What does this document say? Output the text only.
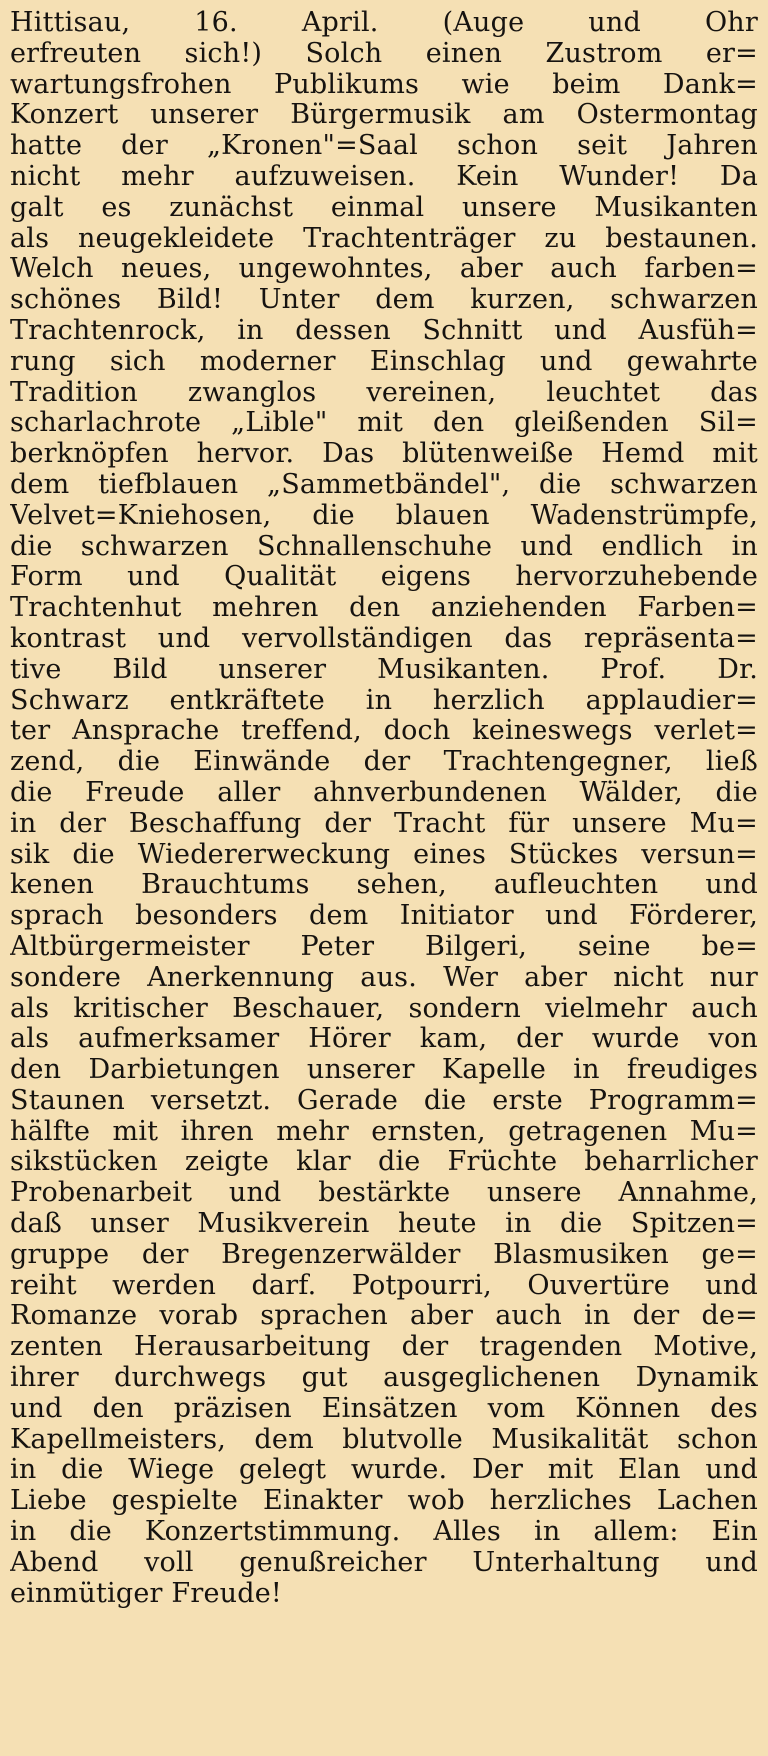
Hittisau, 16. April. (Auge und Ohr
erfreuten sich!) Solch einen Zustrom er=
wartungsfrohen Publikums wie beim Dank=
Konzert unserer Bürgermusik am Ostermontag
hatte der „Kronen"=Saal schon seit Jahren
nicht mehr aufzuweisen. Kein Wunder! Da
galt es zunächst einmal unsere Musikanten
als neugekleidete Trachtenträger zu bestaunen.
Welch neues, ungewohntes, aber auch farben=
schönes Bild! Unter dem kurzen, schwarzen
Trachtenrock, in dessen Schnitt und Ausfüh=
rung sich moderner Einschlag und gewahrte
Tradition zwanglos vereinen, leuchtet das
scharlachrote „Lible" mit den gleißenden Sil=
berknöpfen hervor. Das blütenweiße Hemd mit
dem tiefblauen „Sammetbändel", die schwarzen
Velvet=Kniehosen, die blauen Wadenstrümpfe,
die schwarzen Schnallenschuhe und endlich in
Form und Qualität eigens hervorzuhebende
Trachtenhut mehren den anziehenden Farben=
kontrast und vervollständigen das repräsenta=
tive Bild unserer Musikanten. Prof. Dr.
Schwarz entkräftete in herzlich applaudier=
ter Ansprache treffend, doch keineswegs verlet=
zend, die Einwände der Trachtengegner, ließ
die Freude aller ahnverbundenen Wälder, die
in der Beschaffung der Tracht für unsere Mu=
sik die Wiedererweckung eines Stückes versun=
kenen Brauchtums sehen, aufleuchten und
sprach besonders dem Initiator und Förderer,
Altbürgermeister Peter Bilgeri, seine be=
sondere Anerkennung aus. Wer aber nicht nur
als kritischer Beschauer, sondern vielmehr auch
als aufmerksamer Hörer kam, der wurde von
den Darbietungen unserer Kapelle in freudiges
Staunen versetzt. Gerade die erste Programm=
hälfte mit ihren mehr ernsten, getragenen Mu=
sikstücken zeigte klar die Früchte beharrlicher
Probenarbeit und bestärkte unsere Annahme,
daß unser Musikverein heute in die Spitzen=
gruppe der Bregenzerwälder Blasmusiken ge=
reiht werden darf. Potpourri, Ouvertüre und
Romanze vorab sprachen aber auch in der de=
zenten Herausarbeitung der tragenden Motive,
ihrer durchwegs gut ausgeglichenen Dynamik
und den präzisen Einsätzen vom Können des
Kapellmeisters, dem blutvolle Musikalität schon
in die Wiege gelegt wurde. Der mit Elan und
Liebe gespielte Einakter wob herzliches Lachen
in die Konzertstimmung. Alles in allem: Ein
Abend voll genußreicher Unterhaltung und
einmütiger Freude!
